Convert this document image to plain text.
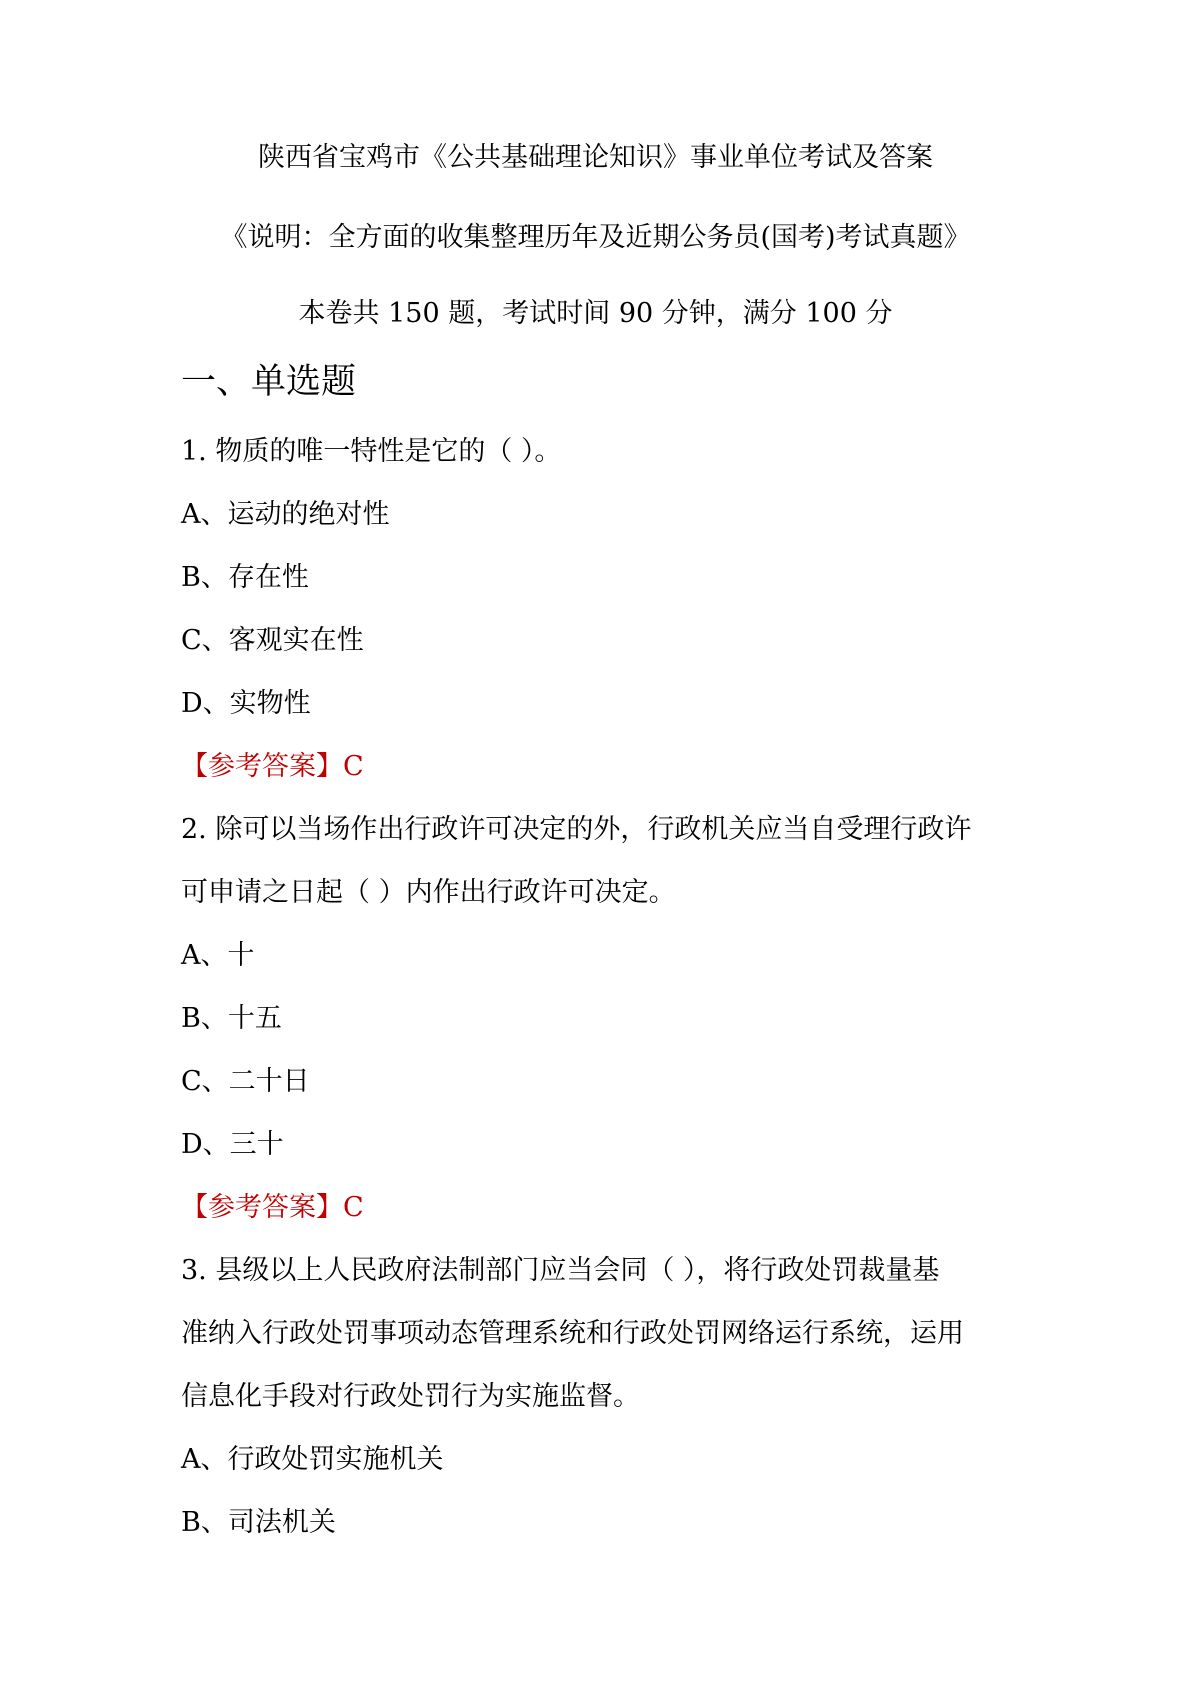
陕西省宝鸡市《公共基础理论知识》事业单位考试及答案
《说明：全方面的收集整理历年及近期公务员(国考)考试真题》
本卷共 150 题，考试时间 90 分钟，满分 100 分
一、单选题
1. 物质的唯一特性是它的（ ）。
A、运动的绝对性
B、存在性
C、客观实在性
D、实物性
【参考答案】C
2. 除可以当场作出行政许可决定的外，行政机关应当自受理行政许
可申请之日起（ ）内作出行政许可决定。
A、十
B、十五
C、二十日
D、三十
【参考答案】C
3. 县级以上人民政府法制部门应当会同（ ），将行政处罚裁量基
准纳入行政处罚事项动态管理系统和行政处罚网络运行系统，运用
信息化手段对行政处罚行为实施监督。
A、行政处罚实施机关
B、司法机关
